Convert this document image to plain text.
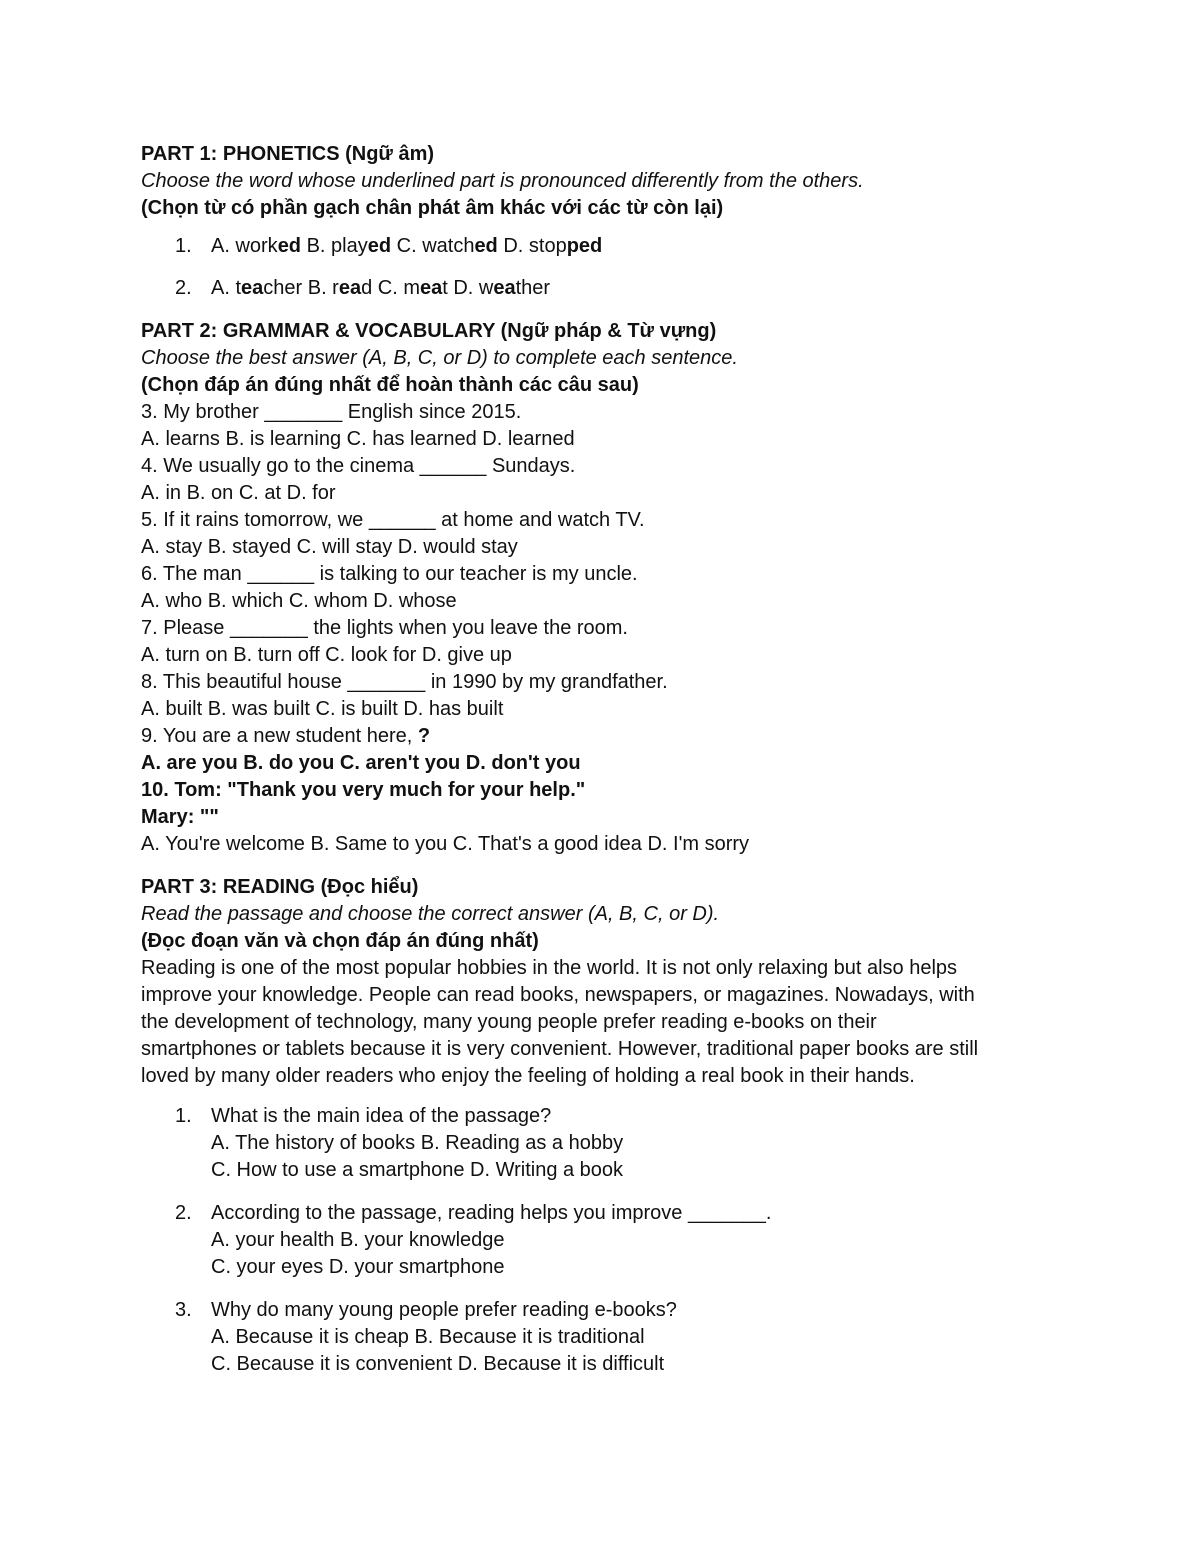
PART 1: PHONETICS (Ngữ âm)
Choose the word whose underlined part is pronounced differently from the others.
(Chọn từ có phần gạch chân phát âm khác với các từ còn lại)
1. A. worked B. played C. watched D. stopped
2. A. teacher B. read C. meat D. weather
PART 2: GRAMMAR & VOCABULARY (Ngữ pháp & Từ vựng)
Choose the best answer (A, B, C, or D) to complete each sentence.
(Chọn đáp án đúng nhất để hoàn thành các câu sau)
3. My brother _______ English since 2015.
A. learns B. is learning C. has learned D. learned
4. We usually go to the cinema ______ Sundays.
A. in B. on C. at D. for
5. If it rains tomorrow, we ______ at home and watch TV.
A. stay B. stayed C. will stay D. would stay
6. The man ______ is talking to our teacher is my uncle.
A. who B. which C. whom D. whose
7. Please _______ the lights when you leave the room.
A. turn on B. turn off C. look for D. give up
8. This beautiful house _______ in 1990 by my grandfather.
A. built B. was built C. is built D. has built
9. You are a new student here, ?
A. are you B. do you C. aren't you D. don't you
10. Tom: "Thank you very much for your help."
Mary: ""
A. You're welcome B. Same to you C. That's a good idea D. I'm sorry
PART 3: READING (Đọc hiểu)
Read the passage and choose the correct answer (A, B, C, or D).
(Đọc đoạn văn và chọn đáp án đúng nhất)
Reading is one of the most popular hobbies in the world. It is not only relaxing but also helps
improve your knowledge. People can read books, newspapers, or magazines. Nowadays, with
the development of technology, many young people prefer reading e-books on their
smartphones or tablets because it is very convenient. However, traditional paper books are still
loved by many older readers who enjoy the feeling of holding a real book in their hands.
1. What is the main idea of the passage?
A. The history of books B. Reading as a hobby
C. How to use a smartphone D. Writing a book
2. According to the passage, reading helps you improve _______.
A. your health B. your knowledge
C. your eyes D. your smartphone
3. Why do many young people prefer reading e-books?
A. Because it is cheap B. Because it is traditional
C. Because it is convenient D. Because it is difficult
